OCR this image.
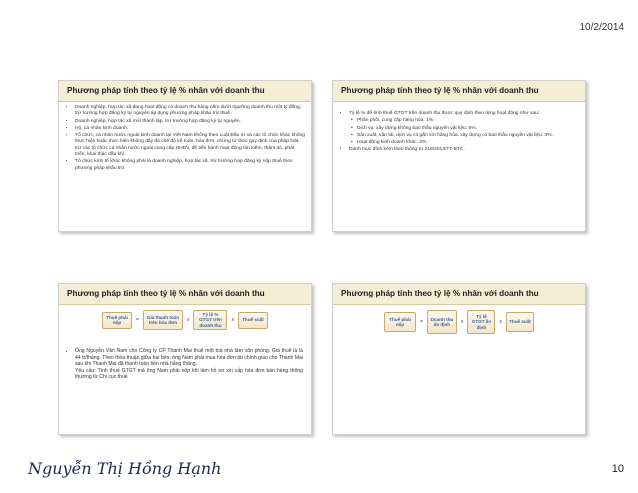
10/2/2014
Phương pháp tính theo tỷ lệ % nhân với doanh thu
• Doanh nghiệp, hợp tác xã đang hoạt động có doanh thu hàng năm dưới ngưỡng doanh thu một tỷ đồng, trừ trường hợp đăng ký tự nguyện áp dụng phương pháp khấu trừ thuế.
• Doanh nghiệp, hợp tác xã mới thành lập, trừ trường hợp đăng ký tự nguyện.
• Hộ, cá nhân kinh doanh.
• Tổ chức, cá nhân nước ngoài kinh doanh tại Việt Nam không theo Luật Đầu tư và các tổ chức khác không thực hiện hoặc thực hiện không đầy đủ chế độ kế toán, hóa đơn, chứng từ theo quy định của pháp luật, trừ các tổ chức cá nhân nước ngoài cung cấp HHDV, để tiến hành hoạt động tìm kiếm, thăm dò, phát triển, khai thác dầu khí.
• Tổ chức kinh tế khác không phải là doanh nghiệp, hợp tác xã, trừ trường hợp đăng ký nộp thuế theo phương pháp khấu trừ.
Phương pháp tính theo tỷ lệ % nhân với doanh thu
• Tỷ lệ % để tính thuế GTGT trên doanh thu được quy định theo từng hoạt động như sau:
• Phân phối, cung cấp hàng hóa: 1%.
• Dịch vụ, xây dựng không bao thầu nguyên vật liệu: 5%.
• Sản xuất, vận tải, dịch vụ có gắn với hàng hóa, xây dựng có bao thầu nguyên vật liệu: 3%.
• Hoạt động kinh doanh khác: 2%.
• Danh mục đính kèm theo thông tư 219/2013/TT-BTC.
Phương pháp tính theo tỷ lệ % nhân với doanh thu
Thuế phải nộp	=	Giá thanh toán trên hóa đơn	x
Tỷ lệ % GTGT trên doanh thu
x	Thuế suất
• Ông Nguyễn Văn Nam cho Công ty CP Thanh Mai thuê một toà nhà làm văn phòng. Giá thuê là là 44 tr/tháng. Theo thỏa thuận giữa hai bên, ông Nam phải mua hóa đơn tài chính giao cho Thanh Mai sau khi Thanh Mai đã thanh toán tiền nhà hằng tháng.

Yêu cầu: Tính thuế GTGT mà ông Nam phải nộp khi làm hồ sơ xin cấp hóa đơn bán hàng thông thường từ Chi cục thuế

Phương pháp tính theo tỷ lệ % nhân với doanh thu
Thuế phải nộp	=	Doanh thu ấn định	x
Tỷ lệ GTGT ấn định
x	Thuế suất
Nguyễn Thị Hồng Hạnh	10
